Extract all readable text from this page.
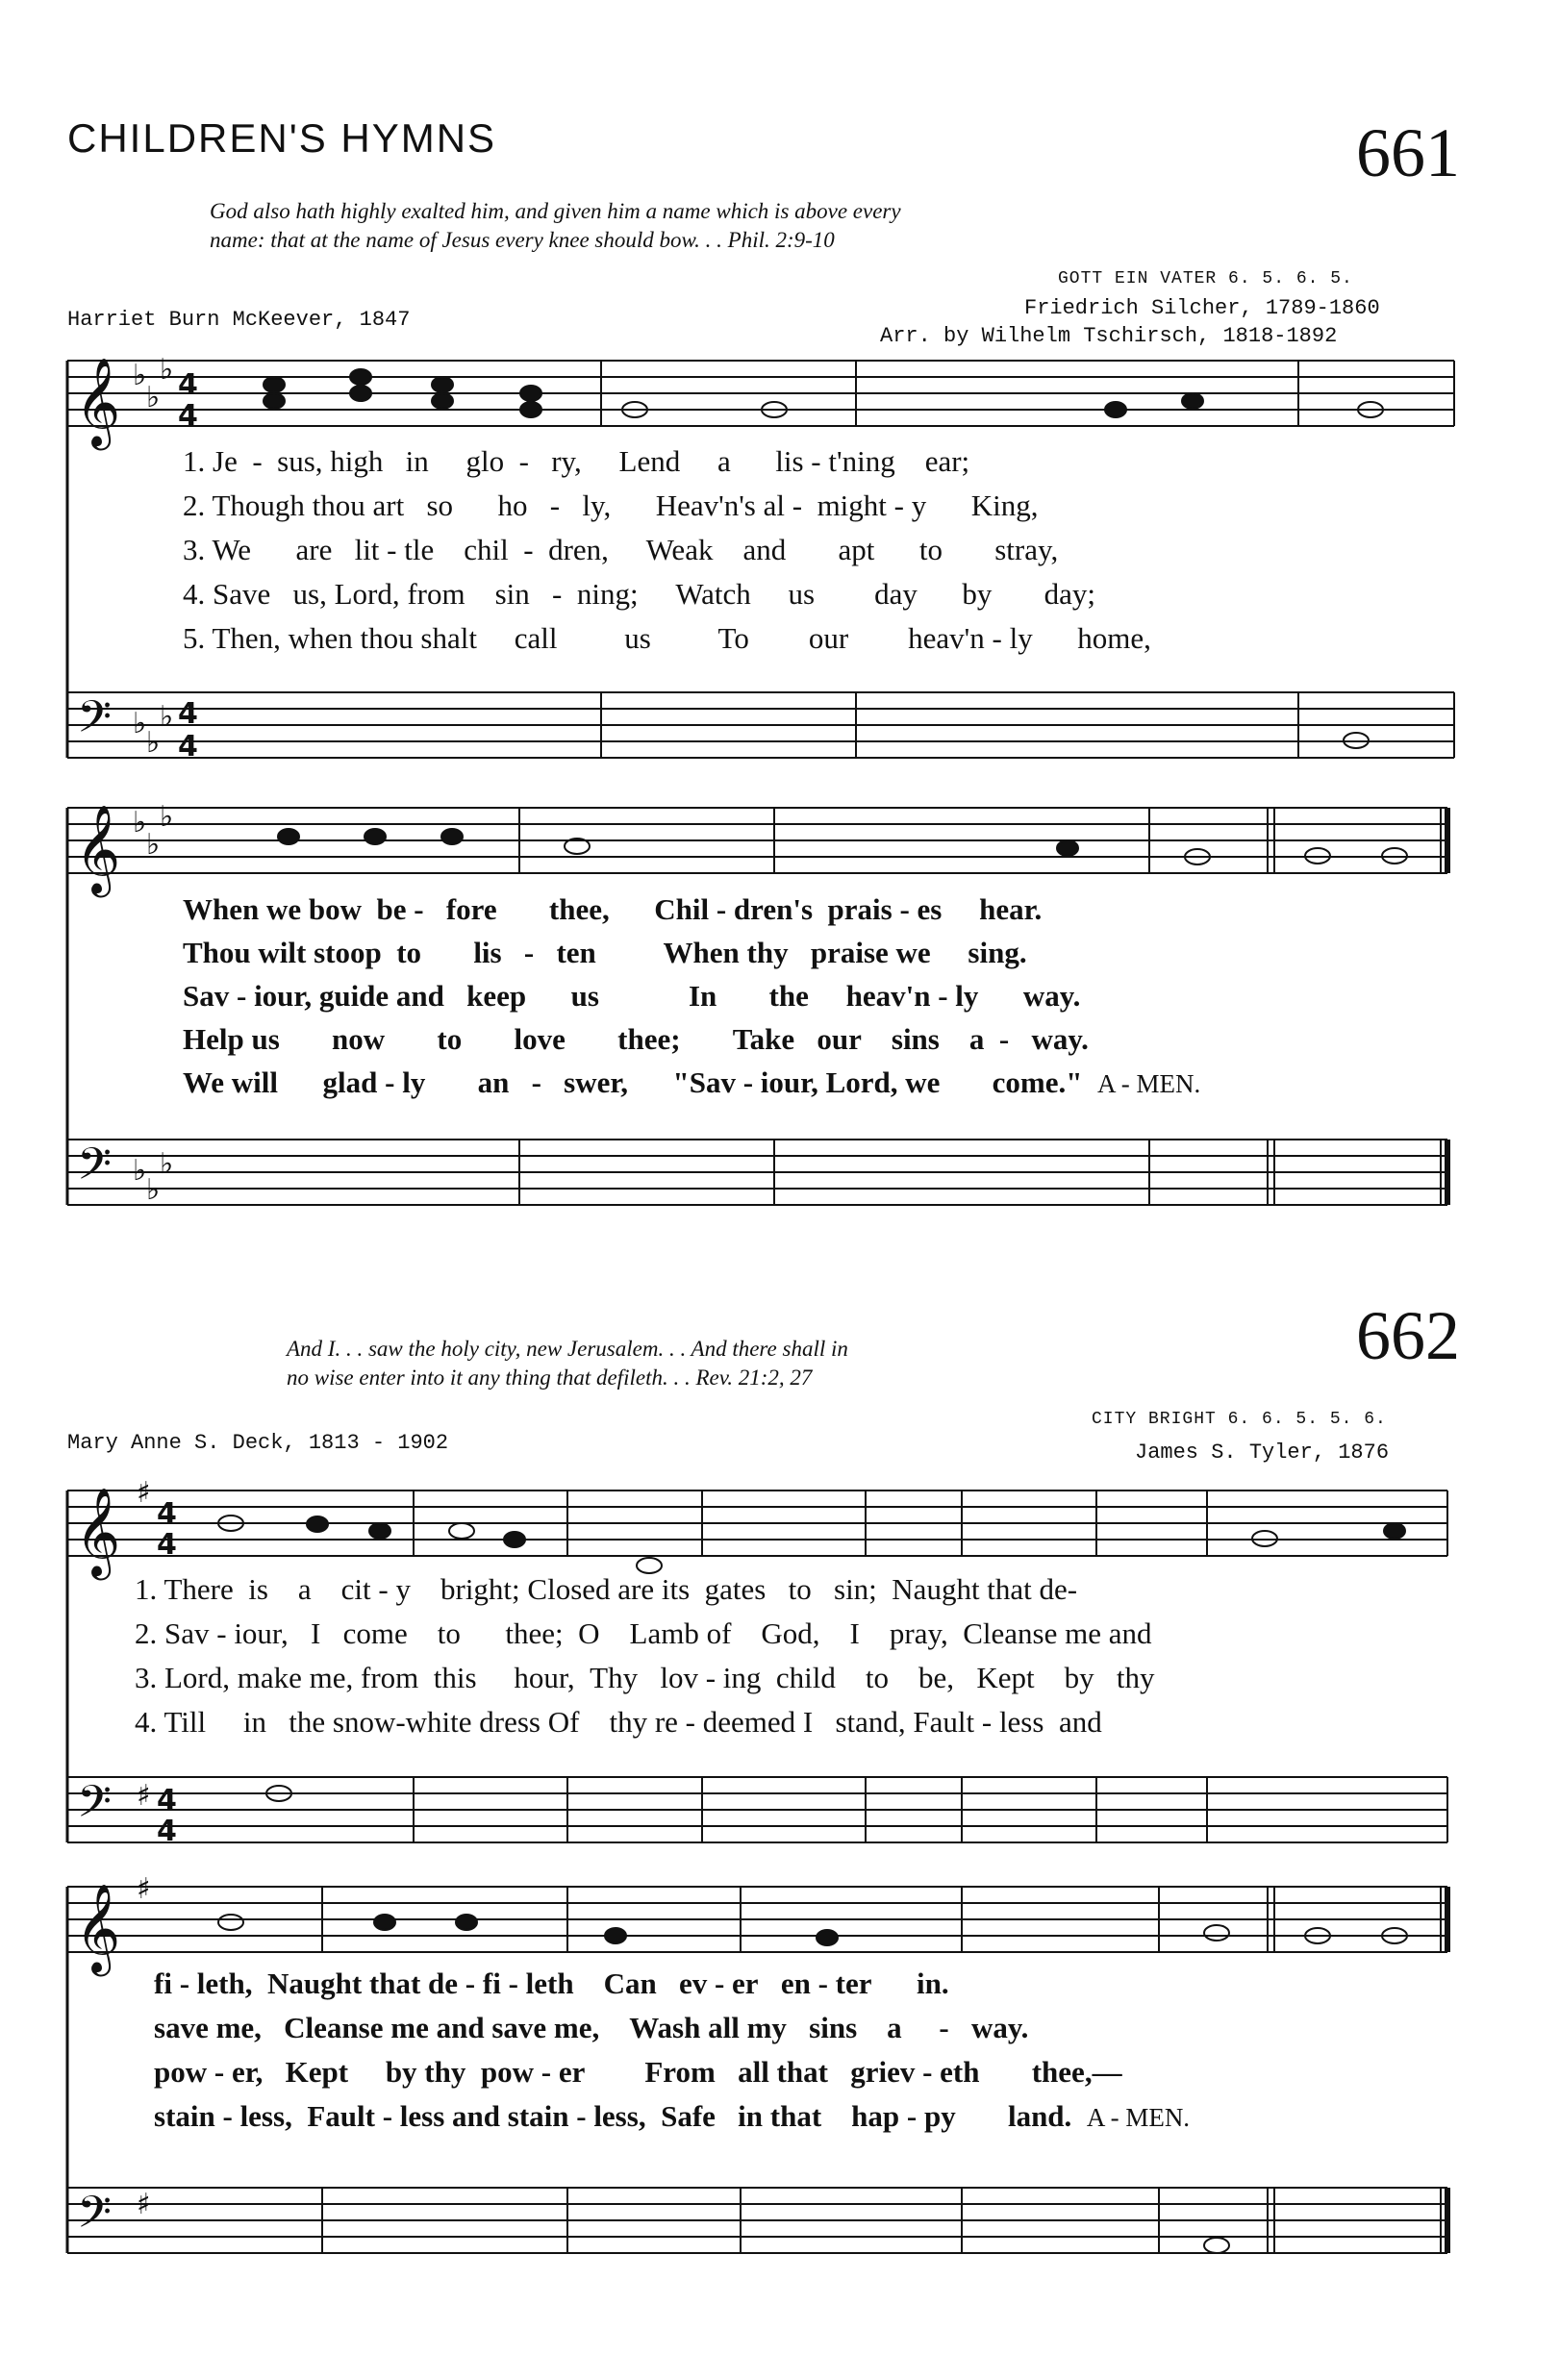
CHILDREN'S HYMNS	661
God also hath highly exalted him, and given him a name which is above every
name: that at the name of Jesus every knee should bow. . . Phil. 2:9-10
GOTT EIN VATER 6. 5. 6. 5.
Friedrich Silcher, 1789-1860
Harriet Burn McKeever, 1847
Arr. by Wilhelm Tschirsch, 1818-1892
𝄞
𝄢
𝄞
𝄢
𝄞
𝄢
𝄞
𝄢
4
4
4
4
4
4
4
4
♭
♭
♭
♭
♭
♭
♭
♭
♭
♭
♭
♭
♯
♯
♯
♯
1. Je - sus, high in glo - ry, Lend a lis - t'ning ear;
2. Though thou art so ho - ly, Heav'n's al - might - y King,
3. We are lit - tle chil - dren, Weak and apt to stray,
4. Save us, Lord, from sin - ning; Watch us day by day;
5. Then, when thou shalt call us To our heav'n - ly home,
When we bow be - fore thee, Chil - dren's prais - es hear.
Thou wilt stoop to lis - ten When thy praise we sing.
Sav - iour, guide and keep us	In the heav'n - ly way.
Help us now to love thee; Take our sins a - way.
We will glad - ly an - swer, "Sav - iour, Lord, we come." A - MEN.
662
And I. . . saw the holy city, new Jerusalem. . . And there shall in
no wise enter into it any thing that defileth. . . Rev. 21:2, 27
CITY BRIGHT 6. 6. 5. 5. 6.
Mary Anne S. Deck, 1813 - 1902	James S. Tyler, 1876
1. There is a cit - y bright; Closed are its gates to sin; Naught that de-
2. Sav - iour, I come to thee; O Lamb of God, I pray, Cleanse me and
3. Lord, make me, from this hour, Thy lov - ing child to be, Kept by thy
4. Till in the snow-white dress Of thy re - deemed I stand, Fault - less and
fi - leth, Naught that de - fi - leth Can ev - er en - ter in.
save me, Cleanse me and save me, Wash all my sins a - way.
pow - er, Kept by thy pow - er From all that griev - eth thee,—
stain - less, Fault - less and stain - less, Safe in that hap - py land. A - MEN.
